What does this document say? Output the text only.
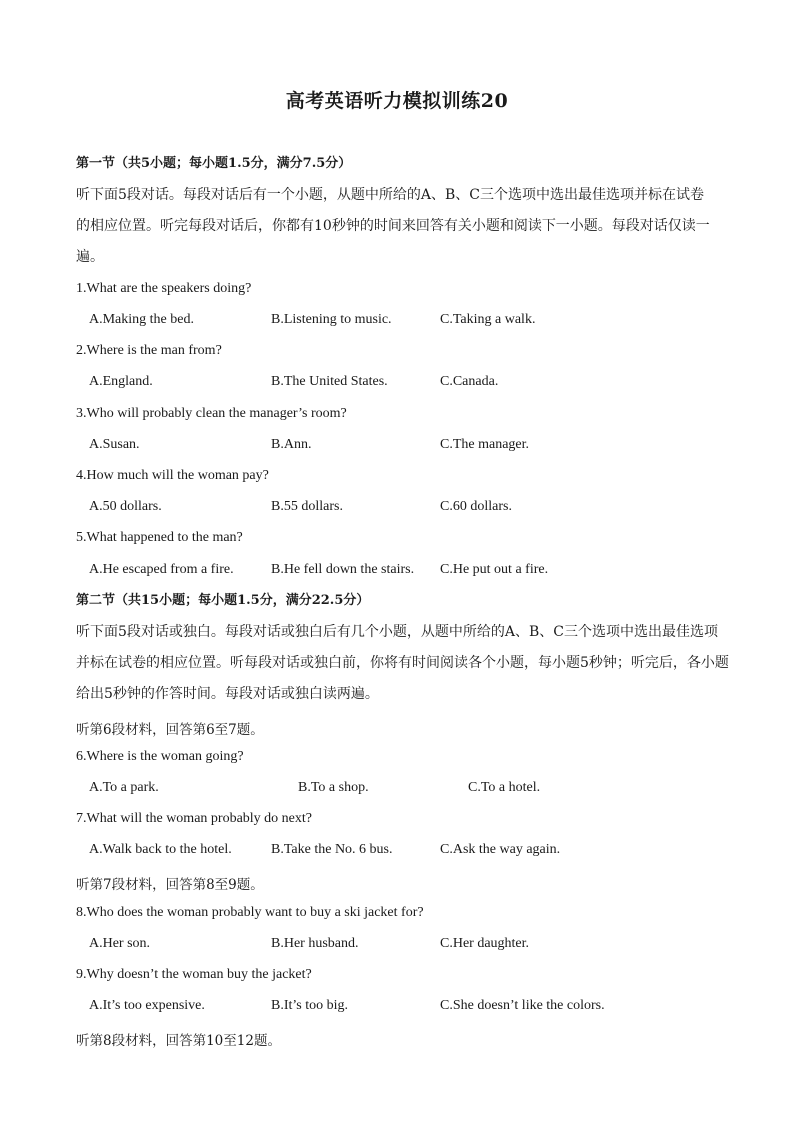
高考英语听力模拟训练20
第一节（共5小题；每小题1.5分，满分7.5分）
听下面5段对话。每段对话后有一个小题，从题中所给的A、B、C三个选项中选出最佳选项并标在试卷
的相应位置。听完每段对话后，你都有10秒钟的时间来回答有关小题和阅读下一小题。每段对话仅读一
遍。
1.What are the speakers doing?
A.Making the bed.	B.Listening to music.	C.Taking a walk.
2.Where is the man from?
A.England.	B.The United States.	C.Canada.
3.Who will probably clean the manager’s room?
A.Susan.	B.Ann.	C.The manager.
4.How much will the woman pay?
A.50 dollars.	B.55 dollars.	C.60 dollars.
5.What happened to the man?
A.He escaped from a fire.	B.He fell down the stairs. C.He put out a fire.
第二节（共15小题；每小题1.5分，满分22.5分）
听下面5段对话或独白。每段对话或独白后有几个小题，从题中所给的A、B、C三个选项中选出最佳选项
并标在试卷的相应位置。听每段对话或独白前，你将有时间阅读各个小题，每小题5秒钟；听完后，各小题
给出5秒钟的作答时间。每段对话或独白读两遍。
听第6段材料，回答第6至7题。
6.Where is the woman going?
A.To a park.	B.To a shop.	C.To a hotel.
7.What will the woman probably do next?
A.Walk back to the hotel.	B.Take the No. 6 bus.	C.Ask the way again.
听第7段材料，回答第8至9题。
8.Who does the woman probably want to buy a ski jacket for?
A.Her son.	B.Her husband.	C.Her daughter.
9.Why doesn’t the woman buy the jacket?
A.It’s too expensive.	B.It’s too big.	C.She doesn’t like the colors.
听第8段材料，回答第10至12题。
